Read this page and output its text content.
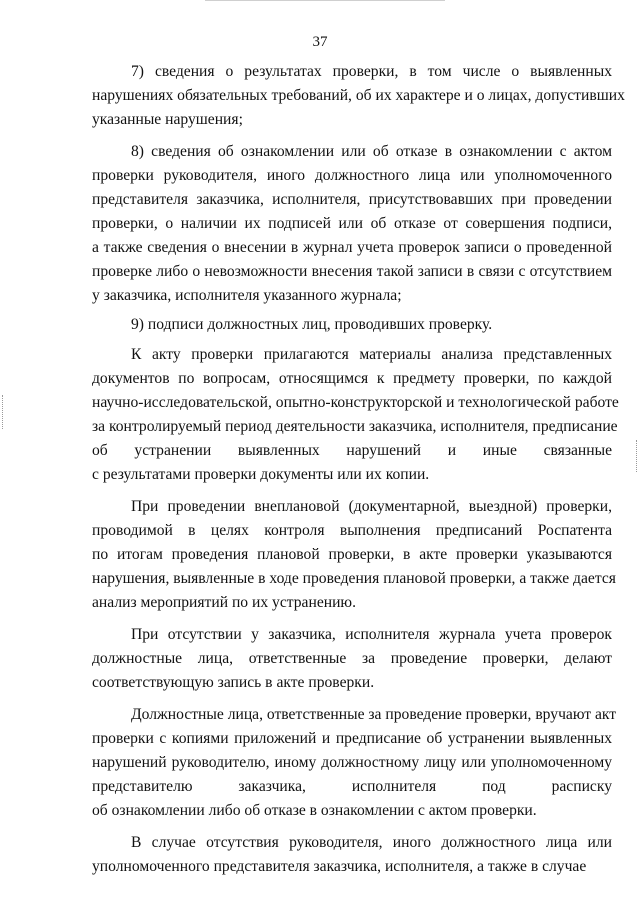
37
7) сведения о результатах проверки, в том числе о выявленных
нарушениях обязательных требований, об их характере и о лицах, допустивших
указанные нарушения;
8) сведения об ознакомлении или об отказе в ознакомлении с актом
проверки руководителя, иного должностного лица или уполномоченного
представителя заказчика, исполнителя, присутствовавших при проведении
проверки, о наличии их подписей или об отказе от совершения подписи,
а также сведения о внесении в журнал учета проверок записи о проведенной
проверке либо о невозможности внесения такой записи в связи с отсутствием
у заказчика, исполнителя указанного журнала;
9) подписи должностных лиц, проводивших проверку.
К акту проверки прилагаются материалы анализа представленных
документов по вопросам, относящимся к предмету проверки, по каждой
научно-исследовательской, опытно-конструкторской и технологической работе
за контролируемый период деятельности заказчика, исполнителя, предписание
об устранении выявленных нарушений и иные связанные
с результатами проверки документы или их копии.
При проведении внеплановой (документарной, выездной) проверки,
проводимой в целях контроля выполнения предписаний Роспатента
по итогам проведения плановой проверки, в акте проверки указываются
нарушения, выявленные в ходе проведения плановой проверки, а также дается
анализ мероприятий по их устранению.
При отсутствии у заказчика, исполнителя журнала учета проверок
должностные лица, ответственные за проведение проверки, делают
соответствующую запись в акте проверки.
Должностные лица, ответственные за проведение проверки, вручают акт
проверки с копиями приложений и предписание об устранении выявленных
нарушений руководителю, иному должностному лицу или уполномоченному
представителю заказчика, исполнителя под расписку
об ознакомлении либо об отказе в ознакомлении с актом проверки.
В случае отсутствия руководителя, иного должностного лица или
уполномоченного представителя заказчика, исполнителя, а также в случае
